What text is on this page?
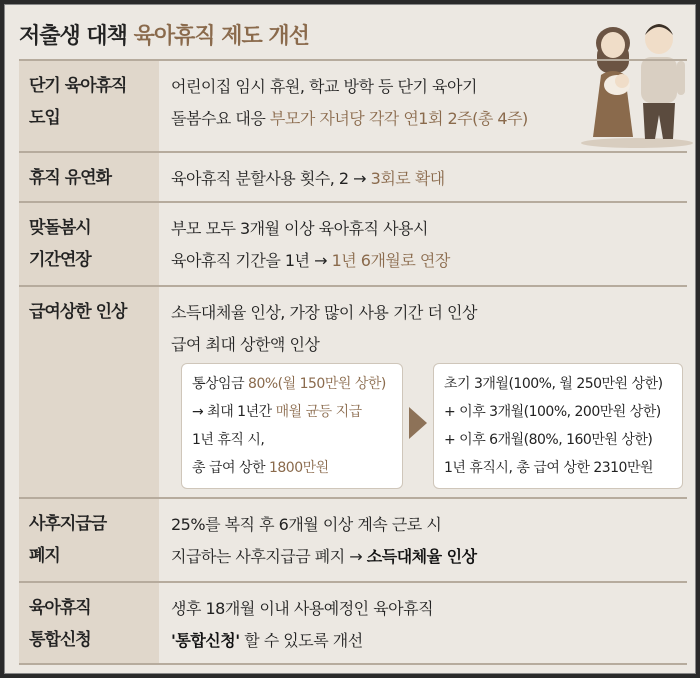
저출생 대책 육아휴직 제도 개선
단기 육아휴직
도입
어린이집 임시 휴원, 학교 방학 등 단기 육아기
돌봄수요 대응 부모가 자녀당 각각 연1회 2주(총 4주)
휴직 유연화	육아휴직 분할사용 횟수, 2 → 3회로 확대
맞돌봄시
기간연장
부모 모두 3개월 이상 육아휴직 사용시
육아휴직 기간을 1년 → 1년 6개월로 연장
급여상한 인상	소득대체율 인상, 가장 많이 사용 기간 더 인상
급여 최대 상한액 인상
통상임금 80%(월 150만원 상한)
→ 최대 1년간 매월 균등 지급
1년 휴직 시,
총 급여 상한 1800만원
초기 3개월(100%, 월 250만원 상한)
+ 이후 3개월(100%, 200만원 상한)
+ 이후 6개월(80%, 160만원 상한)
1년 휴직시, 총 급여 상한 2310만원
사후지급금
폐지
25%를 복직 후 6개월 이상 계속 근로 시
지급하는 사후지급금 폐지 → 소득대체율 인상
육아휴직
통합신청
생후 18개월 이내 사용예정인 육아휴직
'통합신청' 할 수 있도록 개선
